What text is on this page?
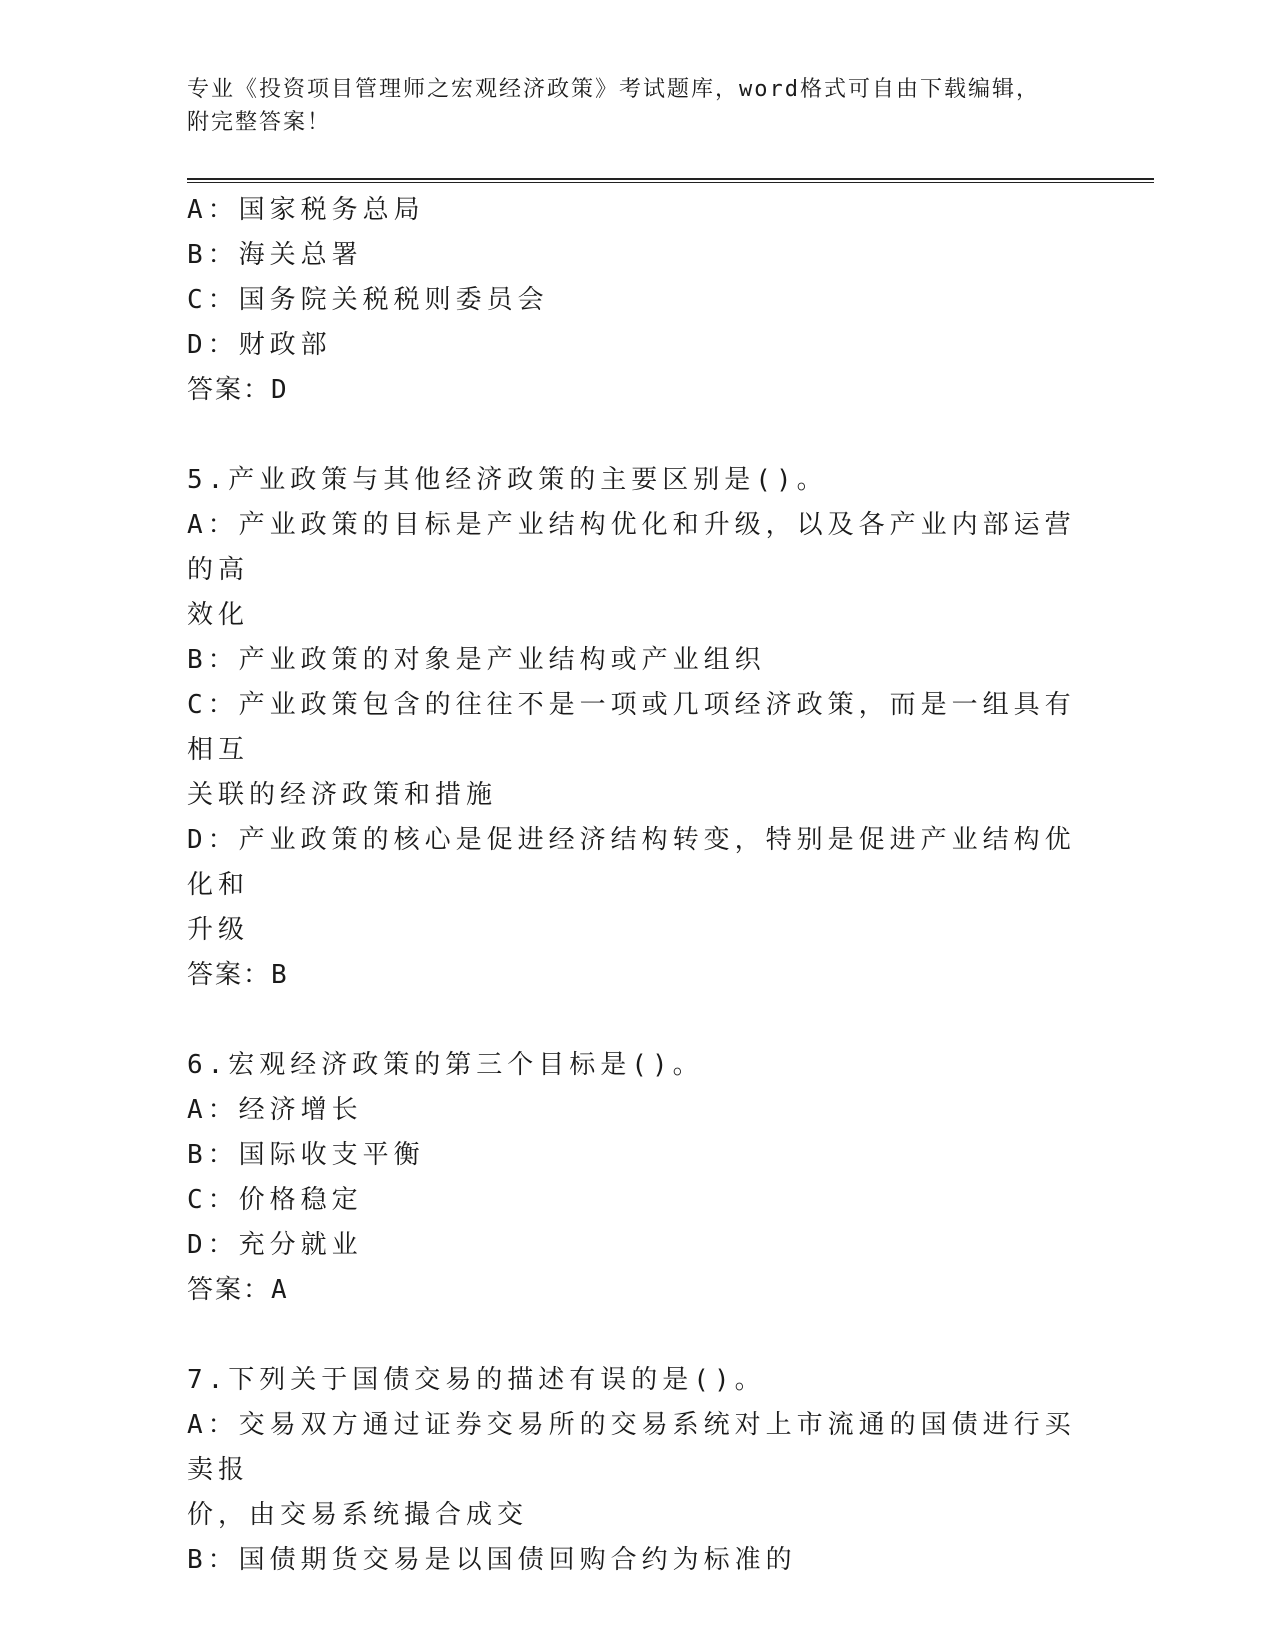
专业《投资项目管理师之宏观经济政策》考试题库，word格式可自由下载编辑，
附完整答案！
A：国家税务总局
B：海关总署
C：国务院关税税则委员会
D：财政部
答案：D
5.产业政策与其他经济政策的主要区别是()。
A：产业政策的目标是产业结构优化和升级，以及各产业内部运营的高
效化
B：产业政策的对象是产业结构或产业组织
C：产业政策包含的往往不是一项或几项经济政策，而是一组具有相互
关联的经济政策和措施
D：产业政策的核心是促进经济结构转变，特别是促进产业结构优化和
升级
答案：B
6.宏观经济政策的第三个目标是()。
A：经济增长
B：国际收支平衡
C：价格稳定
D：充分就业
答案：A
7.下列关于国债交易的描述有误的是()。
A：交易双方通过证券交易所的交易系统对上市流通的国债进行买卖报
价，由交易系统撮合成交
B：国债期货交易是以国债回购合约为标准的
